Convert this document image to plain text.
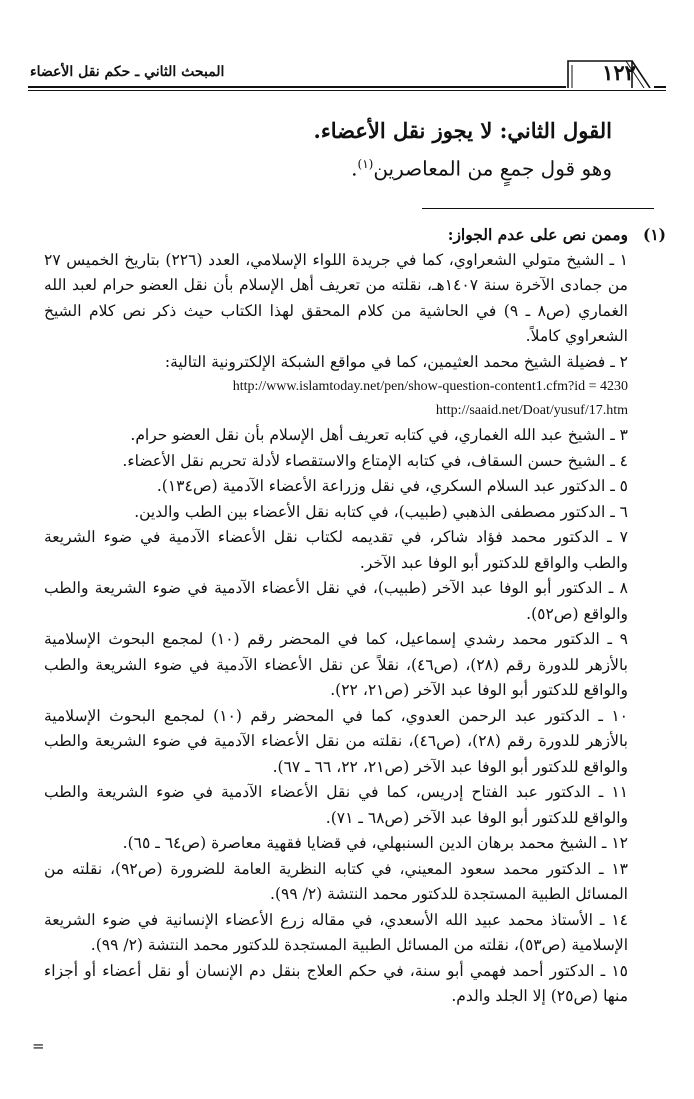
١٢٢
المبحث الثاني ـ حكم نقل الأعضاء

القول الثاني: لا يجوز نقل الأعضاء.

وهو قول جمعٍ من المعاصرين$^{(١)}$.

(١)
وممن نص على عدم الجواز:
١ ـ الشيخ متولي الشعراوي، كما في جريدة اللواء الإسلامي، العدد (٢٢٦) بتاريخ الخميس ٢٧ من جمادى الآخرة سنة ١٤٠٧هـ، نقلته من تعريف أهل الإسلام بأن نقل العضو حرام لعبد الله الغماري (ص٨ ـ ٩) في الحاشية من كلام المحقق لهذا الكتاب حيث ذكر نص كلام الشيخ الشعراوي كاملاً.
٢ ـ فضيلة الشيخ محمد العثيمين، كما في مواقع الشبكة الإلكترونية التالية:
http://www.islamtoday.net/pen/show-question-content1.cfm?id = 4230
http://saaid.net/Doat/yusuf/17.htm
٣ ـ الشيخ عبد الله الغماري، في كتابه تعريف أهل الإسلام بأن نقل العضو حرام.
٤ ـ الشيخ حسن السقاف، في كتابه الإمتاع والاستقصاء لأدلة تحريم نقل الأعضاء.
٥ ـ الدكتور عبد السلام السكري، في نقل وزراعة الأعضاء الآدمية (ص١٣٤).
٦ ـ الدكتور مصطفى الذهبي (طبيب)، في كتابه نقل الأعضاء بين الطب والدين.
٧ ـ الدكتور محمد فؤاد شاكر، في تقديمه لكتاب نقل الأعضاء الآدمية في ضوء الشريعة والطب والواقع للدكتور أبو الوفا عبد الآخر.
٨ ـ الدكتور أبو الوفا عبد الآخر (طبيب)، في نقل الأعضاء الآدمية في ضوء الشريعة والطب والواقع (ص٥٢).
٩ ـ الدكتور محمد رشدي إسماعيل، كما في المحضر رقم (١٠) لمجمع البحوث الإسلامية بالأزهر للدورة رقم (٢٨)، (ص٤٦)، نقلاً عن نقل الأعضاء الآدمية في ضوء الشريعة والطب والواقع للدكتور أبو الوفا عبد الآخر (ص٢١، ٢٢).
١٠ ـ الدكتور عبد الرحمن العدوي، كما في المحضر رقم (١٠) لمجمع البحوث الإسلامية بالأزهر للدورة رقم (٢٨)، (ص٤٦)، نقلته من نقل الأعضاء الآدمية في ضوء الشريعة والطب والواقع للدكتور أبو الوفا عبد الآخر (ص٢١، ٢٢، ٦٦ ـ ٦٧).
١١ ـ الدكتور عبد الفتاح إدريس، كما في نقل الأعضاء الآدمية في ضوء الشريعة والطب والواقع للدكتور أبو الوفا عبد الآخر (ص٦٨ ـ ٧١).
١٢ ـ الشيخ محمد برهان الدين السنبهلي، في قضايا فقهية معاصرة (ص٦٤ ـ ٦٥).
١٣ ـ الدكتور محمد سعود المعيني، في كتابه النظرية العامة للضرورة (ص٩٢)، نقلته من المسائل الطبية المستجدة للدكتور محمد النتشة (٢/ ٩٩).
١٤ ـ الأستاذ محمد عبيد الله الأسعدي، في مقاله زرع الأعضاء الإنسانية في ضوء الشريعة الإسلامية (ص٥٣)، نقلته من المسائل الطبية المستجدة للدكتور محمد النتشة (٢/ ٩٩).
١٥ ـ الدكتور أحمد فهمي أبو سنة، في حكم العلاج بنقل دم الإنسان أو نقل أعضاء أو أجزاء منها (ص٢٥) إلا الجلد والدم.
=
